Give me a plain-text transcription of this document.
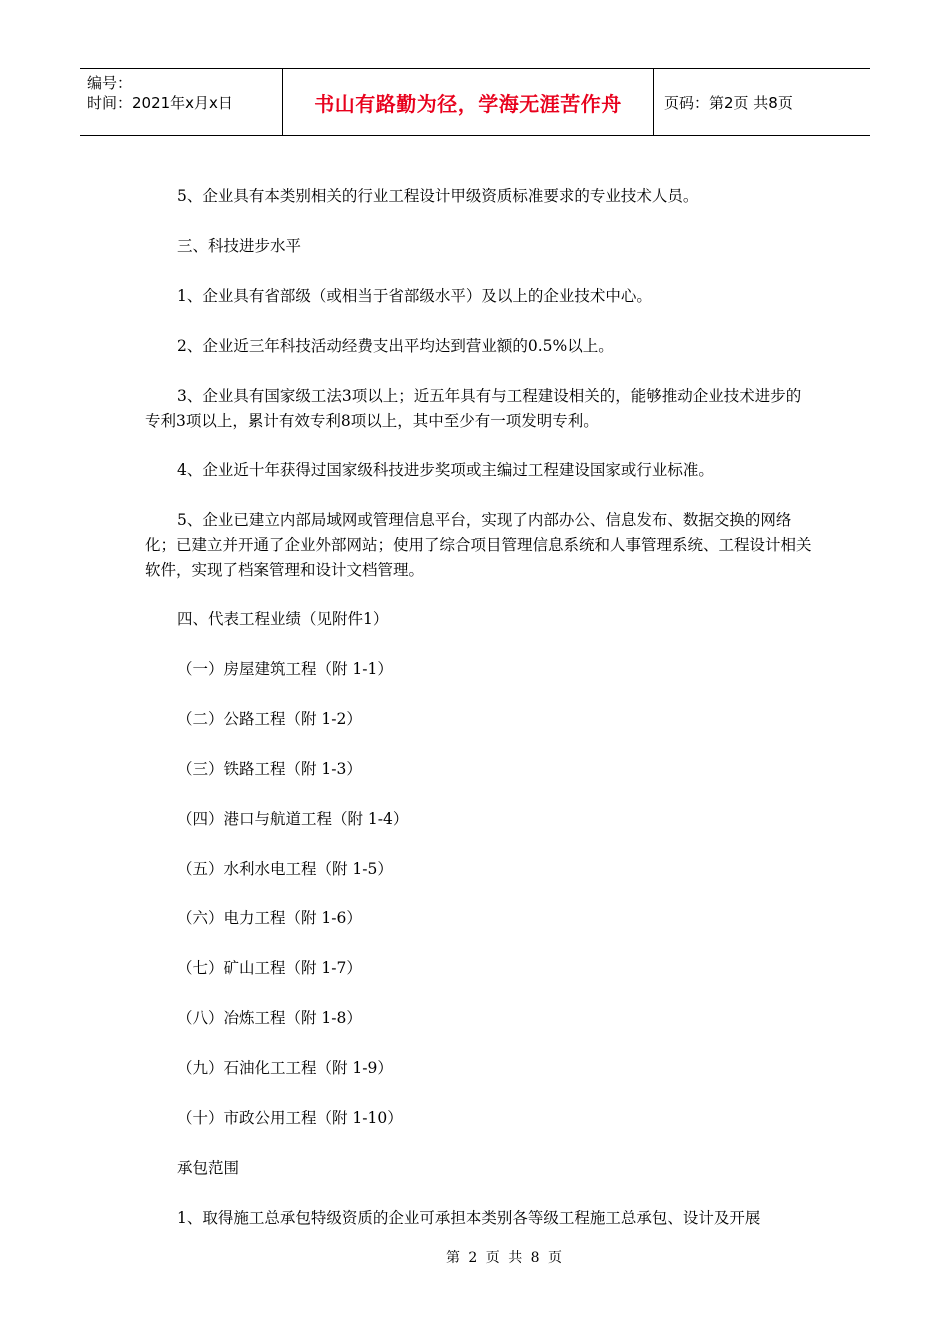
编号：
时间：2021年x月x日	书山有路勤为径，学海无涯苦作舟	页码：第2页 共8页

5、企业具有本类别相关的行业工程设计甲级资质标准要求的专业技术人员。

三、科技进步水平

1、企业具有省部级（或相当于省部级水平）及以上的企业技术中心。

2、企业近三年科技活动经费支出平均达到营业额的0.5%以上。

3、企业具有国家级工法3项以上；近五年具有与工程建设相关的，能够推动企业技术进步的专利3项以上，累计有效专利8项以上，其中至少有一项发明专利。

4、企业近十年获得过国家级科技进步奖项或主编过工程建设国家或行业标准。

5、企业已建立内部局域网或管理信息平台，实现了内部办公、信息发布、数据交换的网络化；已建立并开通了企业外部网站；使用了综合项目管理信息系统和人事管理系统、工程设计相关软件，实现了档案管理和设计文档管理。

四、代表工程业绩（见附件1）

（一）房屋建筑工程（附 1-1）

（二）公路工程（附 1-2）

（三）铁路工程（附 1-3）

（四）港口与航道工程（附 1-4）

（五）水利水电工程（附 1-5）

（六）电力工程（附 1-6）

（七）矿山工程（附 1-7）

（八）冶炼工程（附 1-8）

（九）石油化工工程（附 1-9）

（十）市政公用工程（附 1-10）

承包范围

1、取得施工总承包特级资质的企业可承担本类别各等级工程施工总承包、设计及开展

第 2 页 共 8 页
